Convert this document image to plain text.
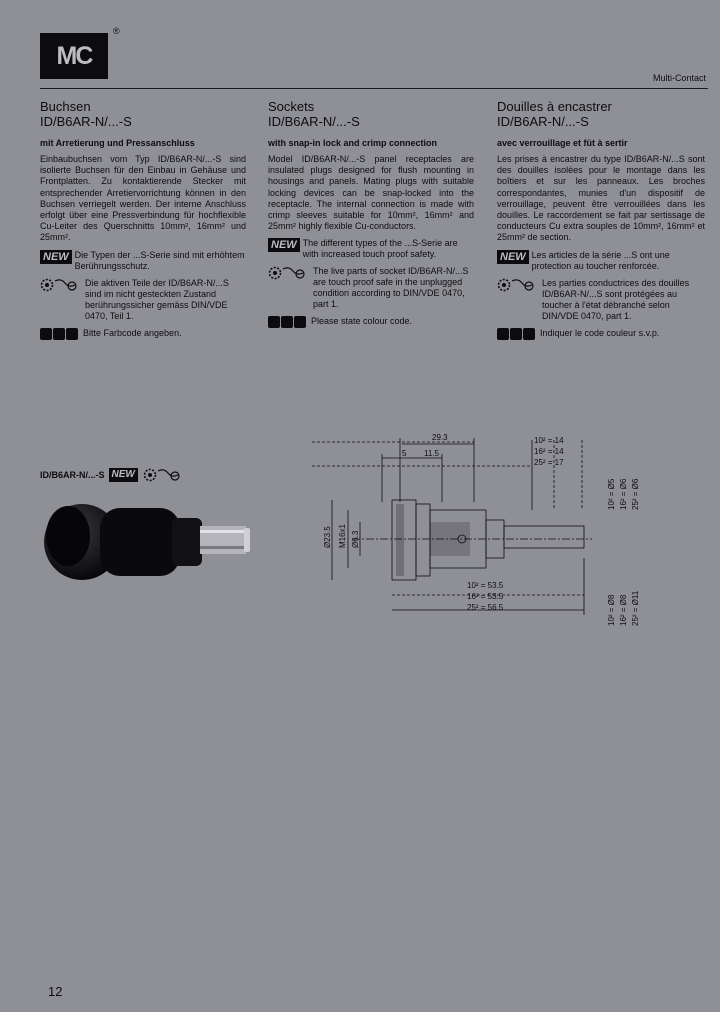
MC
®
Multi-Contact
Buchsen
ID/B6AR-N/...-S
mit Arretierung und Pressanschluss
Einbaubuchsen vom Typ ID/B6AR-N/...-S sind isolierte Buchsen für den Einbau in Gehäuse und Frontplatten. Zu kontaktierende Stecker mit entsprechender Arretiervorrichtung können in den Buchsen verriegelt werden. Der interne Anschluss erfolgt über eine Pressverbindung für hochflexible Cu-Leiter des Querschnitts 10mm², 16mm² und 25mm².
NEW Die Typen der ...S-Serie sind mit erhöhtem Berührungsschutz.
Die aktiven Teile der ID/B6AR-N/...S sind im nicht gesteckten Zustand berührungssicher gemäss DIN/VDE 0470, Teil 1.
Bitte Farbcode angeben.
Sockets
ID/B6AR-N/...-S
with snap-in lock and crimp connection
Model ID/B6AR-N/...-S panel receptacles are insulated plugs designed for flush mounting in housings and panels. Mating plugs with suitable locking devices can be snap-locked into the receptacle. The internal connection is made with crimp sleeves suitable for 10mm², 16mm² and 25mm² highly flexible Cu-conductors.
NEW The different types of the ...S-Serie are with increased touch proof safety.
The live parts of socket ID/B6AR-N/...S are touch proof safe in the unplugged condition according to DIN/VDE 0470, part 1.
Please state colour code.
Douilles à encastrer
ID/B6AR-N/...-S
avec verrouillage et fût à sertir
Les prises à encastrer du type ID/B6AR-N/...S sont des douilles isolées pour le montage dans les boîtiers et sur les panneaux. Les broches correspondantes, munies d'un dispositif de verrouillage, peuvent être verrouillées dans les douilles. Le raccordement se fait par sertissage de conducteurs Cu extra souples de 10mm², 16mm² et 25mm² de section.
NEW Les articles de la série ...S ont une protection au toucher renforcée.
Les parties conductrices des douilles ID/B6AR-N/...S sont protégées au toucher à l'état débranché selon DIN/VDE 0470, part 1.
Indiquer le code couleur s.v.p.
ID/B6AR-N/...-S NEW
29.3
5 11.5
Ø23.5 M16x1 Ø6.3
10² = 14
16² = 14
25² = 17
10² = Ø5 16² = Ø6 25² = Ø6
10² = 53.5
16² = 53.5
25² = 56.5	10² = Ø8 16² = Ø8 25² = Ø11
12
